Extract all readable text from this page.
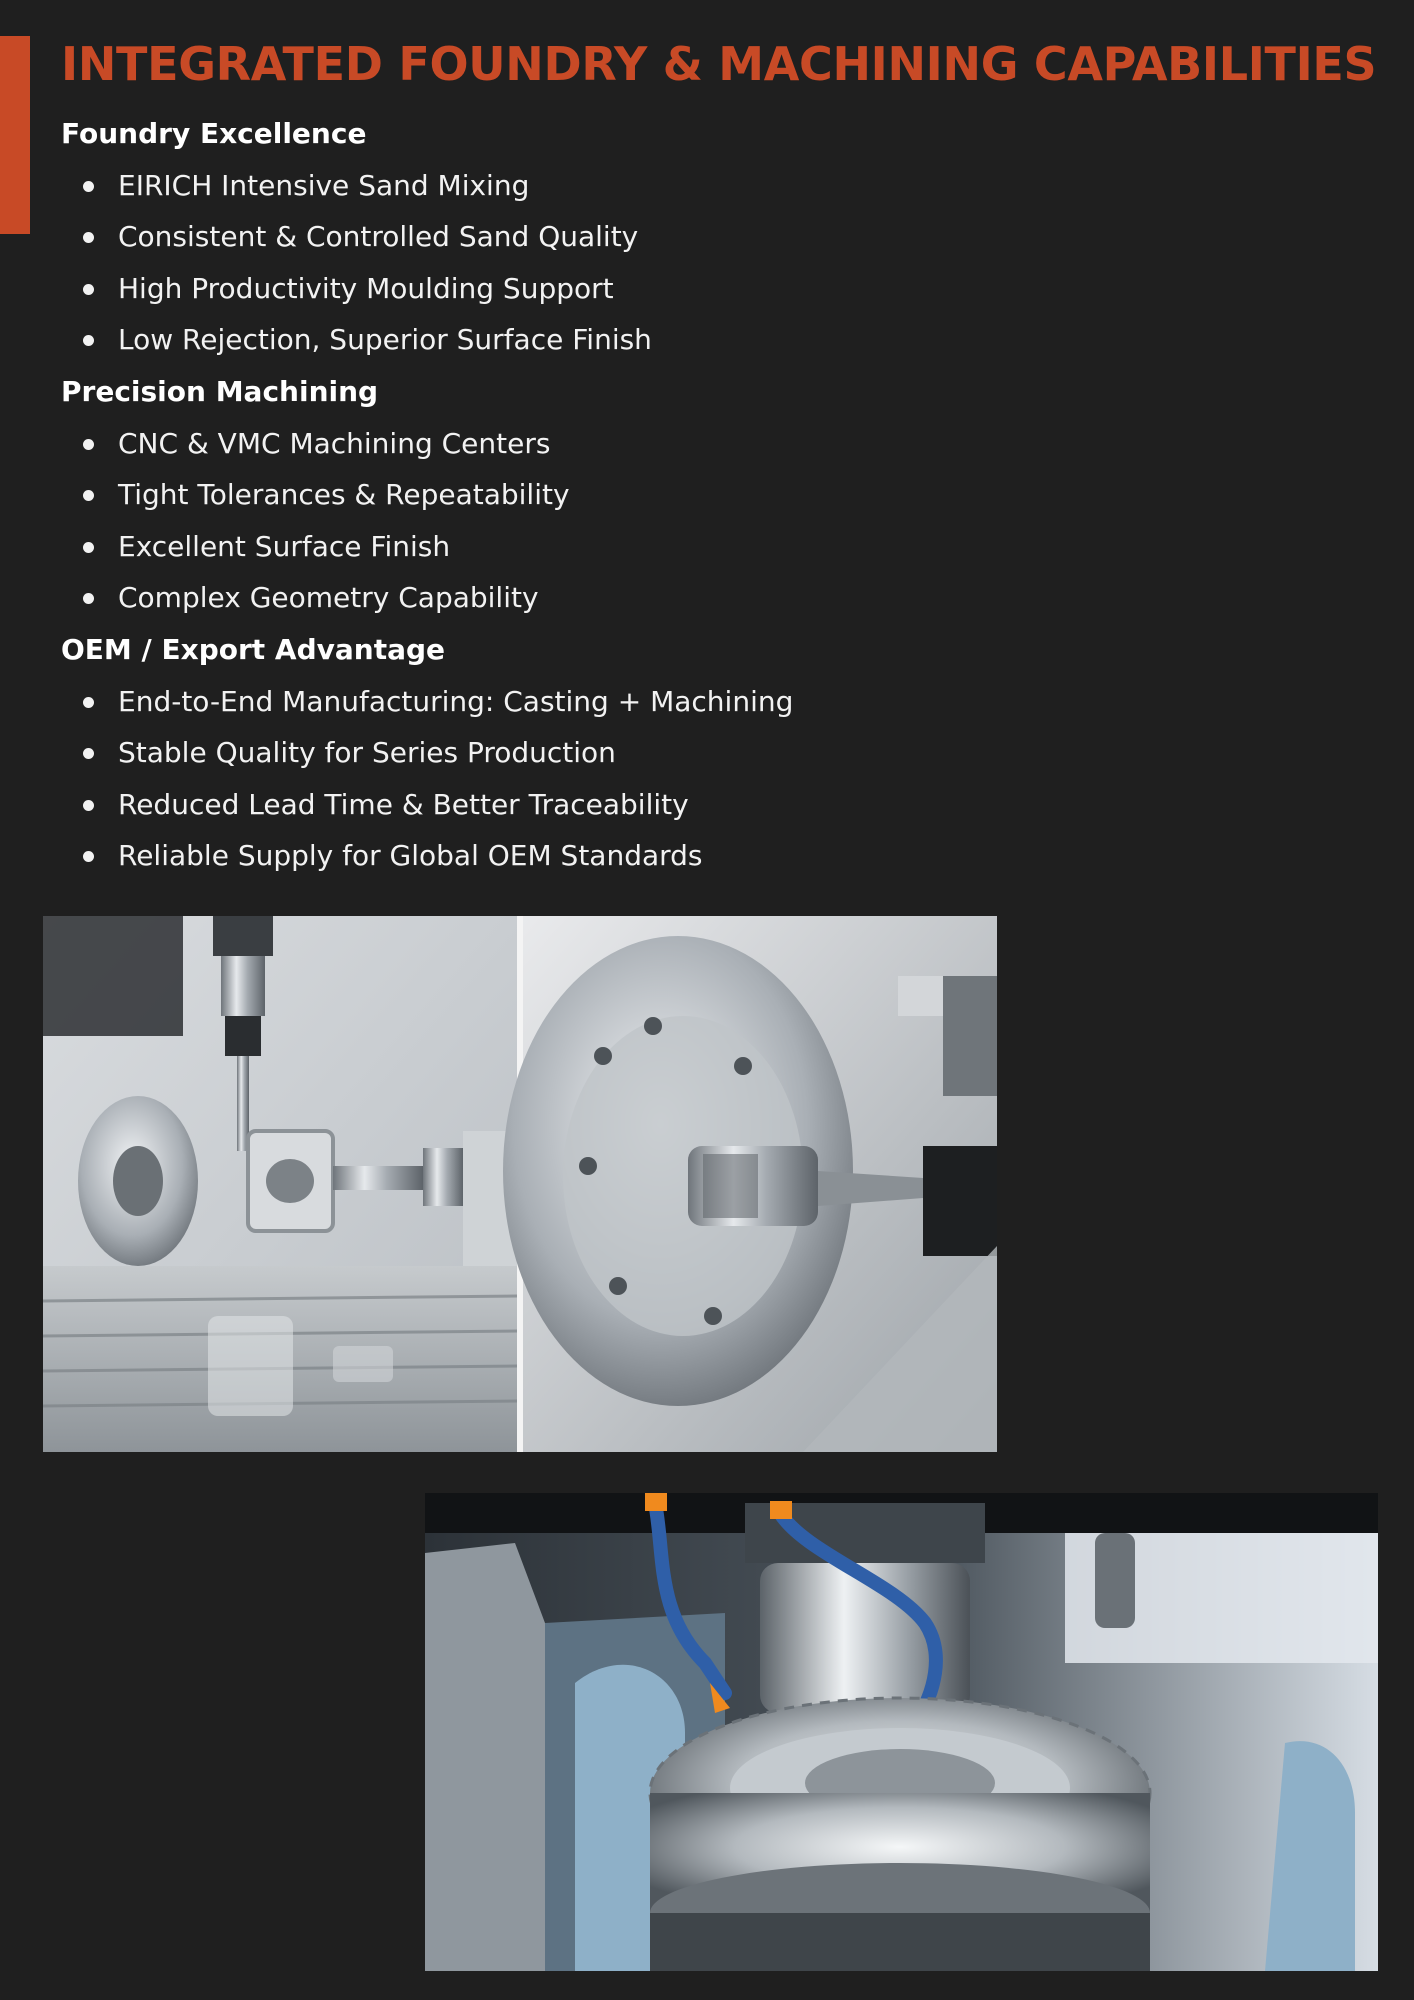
INTEGRATED FOUNDRY & MACHINING CAPABILITIES
Foundry Excellence
EIRICH Intensive Sand Mixing
Consistent & Controlled Sand Quality
High Productivity Moulding Support
Low Rejection, Superior Surface Finish
Precision Machining
CNC & VMC Machining Centers
Tight Tolerances & Repeatability
Excellent Surface Finish
Complex Geometry Capability
OEM / Export Advantage
End-to-End Manufacturing: Casting + Machining
Stable Quality for Series Production
Reduced Lead Time & Better Traceability
Reliable Supply for Global OEM Standards
